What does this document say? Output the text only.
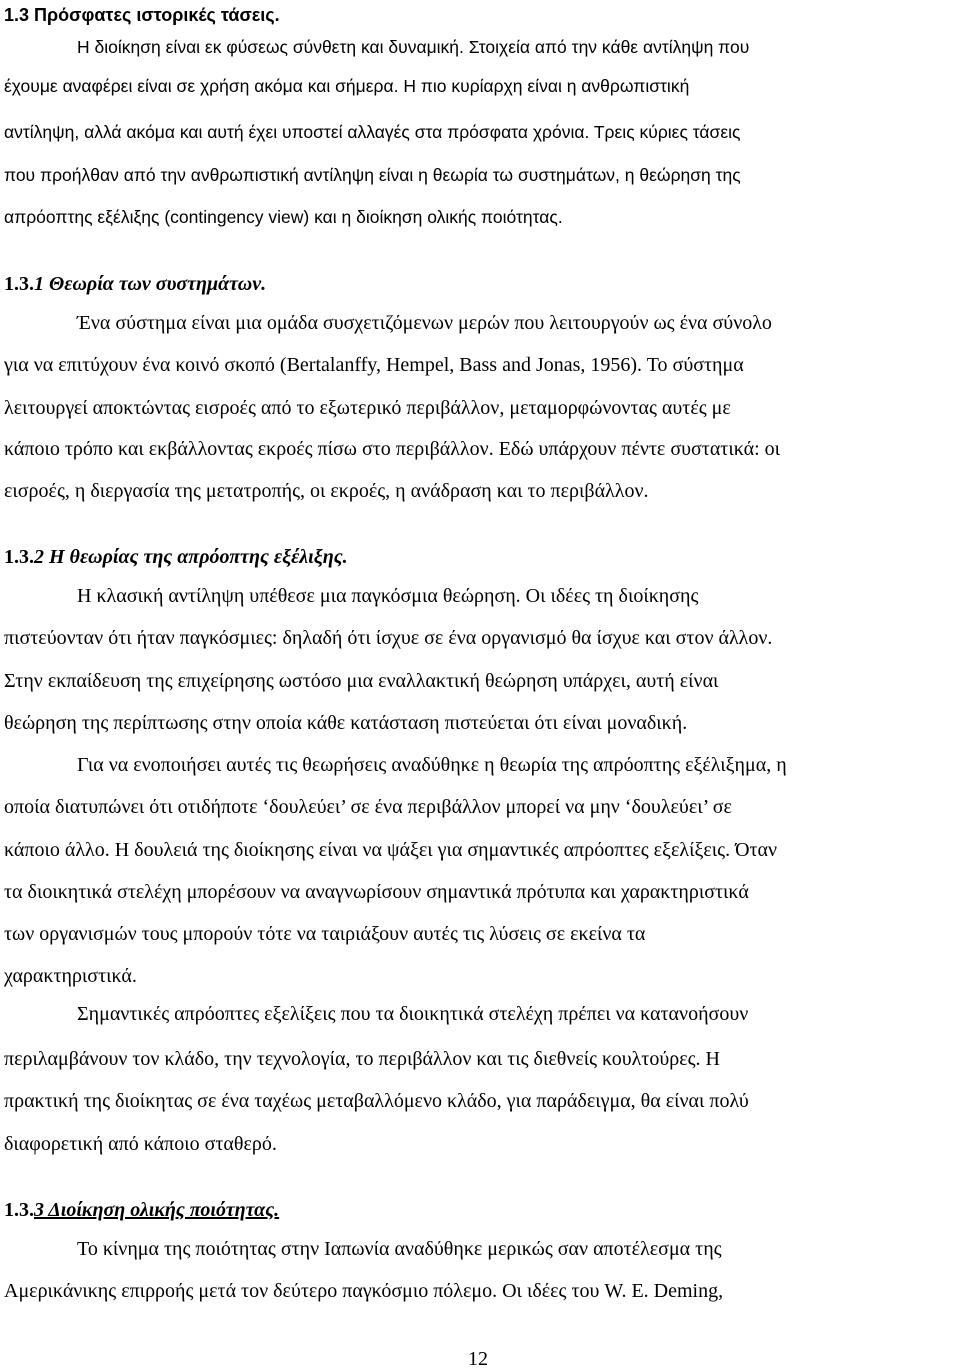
1.3 Πρόσφατες ιστορικές τάσεις.
Η διοίκηση είναι εκ φύσεως σύνθετη και δυναμική. Στοιχεία από την κάθε αντίληψη που
έχουμε αναφέρει είναι σε χρήση ακόμα και σήμερα. Η πιο κυρίαρχη είναι η ανθρωπιστική
αντίληψη, αλλά ακόμα και αυτή έχει υποστεί αλλαγές στα πρόσφατα χρόνια. Τρεις κύριες τάσεις
που προήλθαν από την ανθρωπιστική αντίληψη είναι η θεωρία τω συστημάτων, η θεώρηση της
απρόοπτης εξέλιξης (contingency view) και η διοίκηση ολικής ποιότητας.
1.3.1 Θεωρία των συστημάτων.
Ένα σύστημα είναι μια ομάδα συσχετιζόμενων μερών που λειτουργούν ως ένα σύνολο
για να επιτύχουν ένα κοινό σκοπό (Bertalanffy, Hempel, Bass and Jonas, 1956). Το σύστημα
λειτουργεί αποκτώντας εισροές από το εξωτερικό περιβάλλον, μεταμορφώνοντας αυτές με
κάποιο τρόπο και εκβάλλοντας εκροές πίσω στο περιβάλλον. Εδώ υπάρχουν πέντε συστατικά: οι
εισροές, η διεργασία της μετατροπής, οι εκροές, η ανάδραση και το περιβάλλον.
1.3.2 Η θεωρίας της απρόοπτης εξέλιξης.
Η κλασική αντίληψη υπέθεσε μια παγκόσμια θεώρηση. Οι ιδέες τη διοίκησης
πιστεύονταν ότι ήταν παγκόσμιες: δηλαδή ότι ίσχυε σε ένα οργανισμό θα ίσχυε και στον άλλον.
Στην εκπαίδευση της επιχείρησης ωστόσο μια εναλλακτική θεώρηση υπάρχει, αυτή είναι
θεώρηση της περίπτωσης στην οποία κάθε κατάσταση πιστεύεται ότι είναι μοναδική.
Για να ενοποιήσει αυτές τις θεωρήσεις αναδύθηκε η θεωρία της απρόοπτης εξέλιξημα, η
οποία διατυπώνει ότι οτιδήποτε ‘δουλεύει’ σε ένα περιβάλλον μπορεί να μην ‘δουλεύει’ σε
κάποιο άλλο. Η δουλειά της διοίκησης είναι να ψάξει για σημαντικές απρόοπτες εξελίξεις. Όταν
τα διοικητικά στελέχη μπορέσουν να αναγνωρίσουν σημαντικά πρότυπα και χαρακτηριστικά
των οργανισμών τους μπορούν τότε να ταιριάξουν αυτές τις λύσεις σε εκείνα τα
χαρακτηριστικά.
Σημαντικές απρόοπτες εξελίξεις που τα διοικητικά στελέχη πρέπει να κατανοήσουν
περιλαμβάνουν τον κλάδο, την τεχνολογία, το περιβάλλον και τις διεθνείς κουλτούρες. Η
πρακτική της διοίκητας σε ένα ταχέως μεταβαλλόμενο κλάδο, για παράδειγμα, θα είναι πολύ
διαφορετική από κάποιο σταθερό.
1.3.3 Διοίκηση ολικής ποιότητας.
Το κίνημα της ποιότητας στην Ιαπωνία αναδύθηκε μερικώς σαν αποτέλεσμα της
Αμερικάνικης επιρροής μετά τον δεύτερο παγκόσμιο πόλεμο. Οι ιδέες του W. E. Deming,
12
